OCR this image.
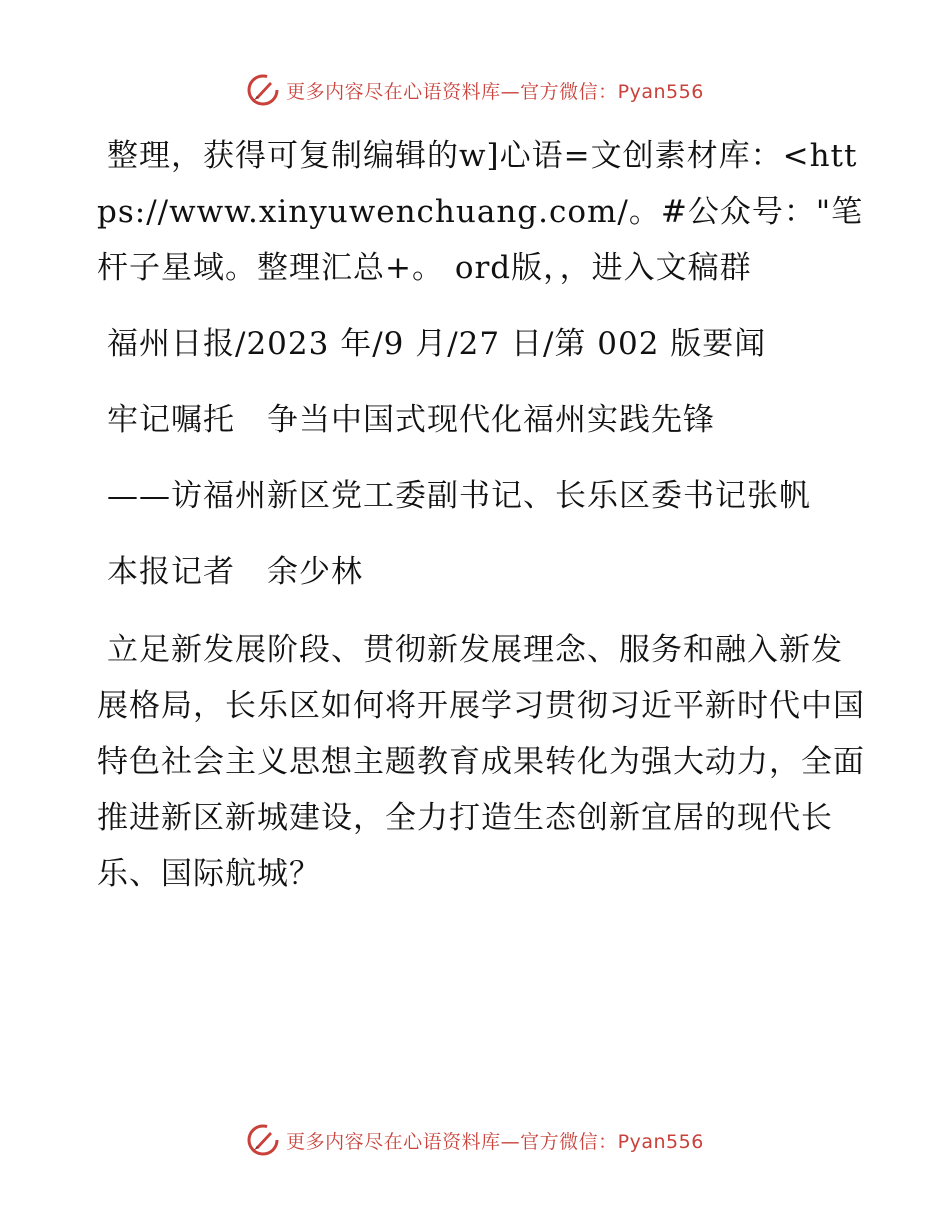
更多内容尽在心语资料库—官方微信：Pyan556

整理，获得可复制编辑的w]心语=文创素材库：<https://www.xinyuwenchuang.com/。#公众号："笔杆子星域。整理汇总+。 ord版，，进入文稿群

福州日报/2023 年/9 月/27 日/第 002 版要闻

牢记嘱托　争当中国式现代化福州实践先锋

——访福州新区党工委副书记、长乐区委书记张帆

本报记者　余少林

立足新发展阶段、贯彻新发展理念、服务和融入新发展格局，长乐区如何将开展学习贯彻习近平新时代中国特色社会主义思想主题教育成果转化为强大动力，全面推进新区新城建设，全力打造生态创新宜居的现代长乐、国际航城？

更多内容尽在心语资料库—官方微信：Pyan556
